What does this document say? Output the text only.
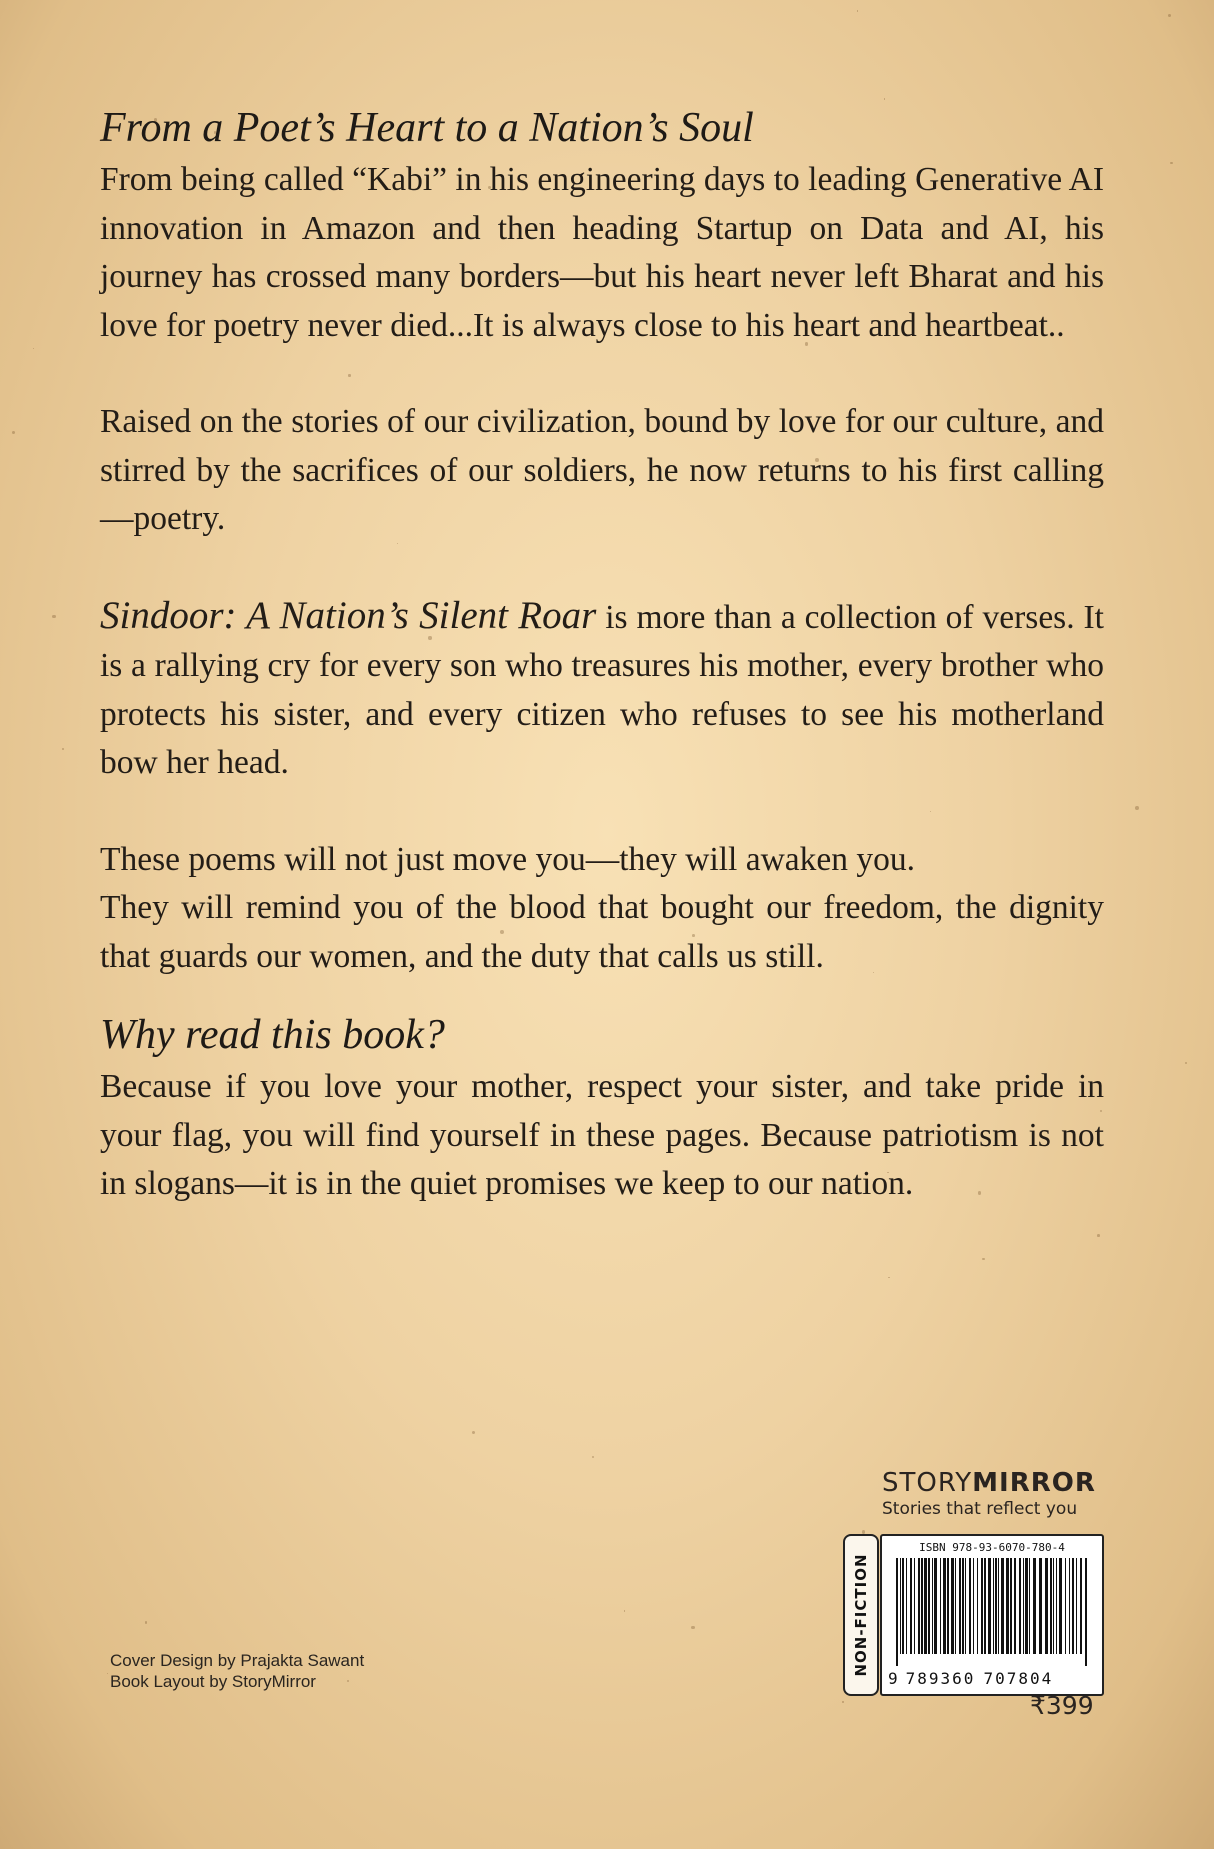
From a Poet’s Heart to a Nation’s Soul

From being called “Kabi” in his engineering days to leading Generative AI innovation in Amazon and then heading Startup on Data and AI, his journey has crossed many borders—but his heart never left Bharat and his love for poetry never died...It is always close to his heart and heartbeat..

Raised on the stories of our civilization, bound by love for our culture, and stirred by the sacrifices of our soldiers, he now returns to his first calling—poetry.

Sindoor: A Nation’s Silent Roar is more than a collection of verses. It is a rallying cry for every son who treasures his mother, every brother who protects his sister, and every citizen who refuses to see his motherland bow her head.

These poems will not just move you—they will awaken you.

They will remind you of the blood that bought our freedom, the dignity that guards our women, and the duty that calls us still.

Why read this book?

Because if you love your mother, respect your sister, and take pride in your flag, you will find yourself in these pages. Because patriotism is not in slogans—it is in the quiet promises we keep to our nation.

Cover Design by Prajakta Sawant
Book Layout by StoryMirror
STORYMIRROR
Stories that reflect you
NON-FICTION
ISBN 978-93-6070-780-4
9 789360 707804
₹399
